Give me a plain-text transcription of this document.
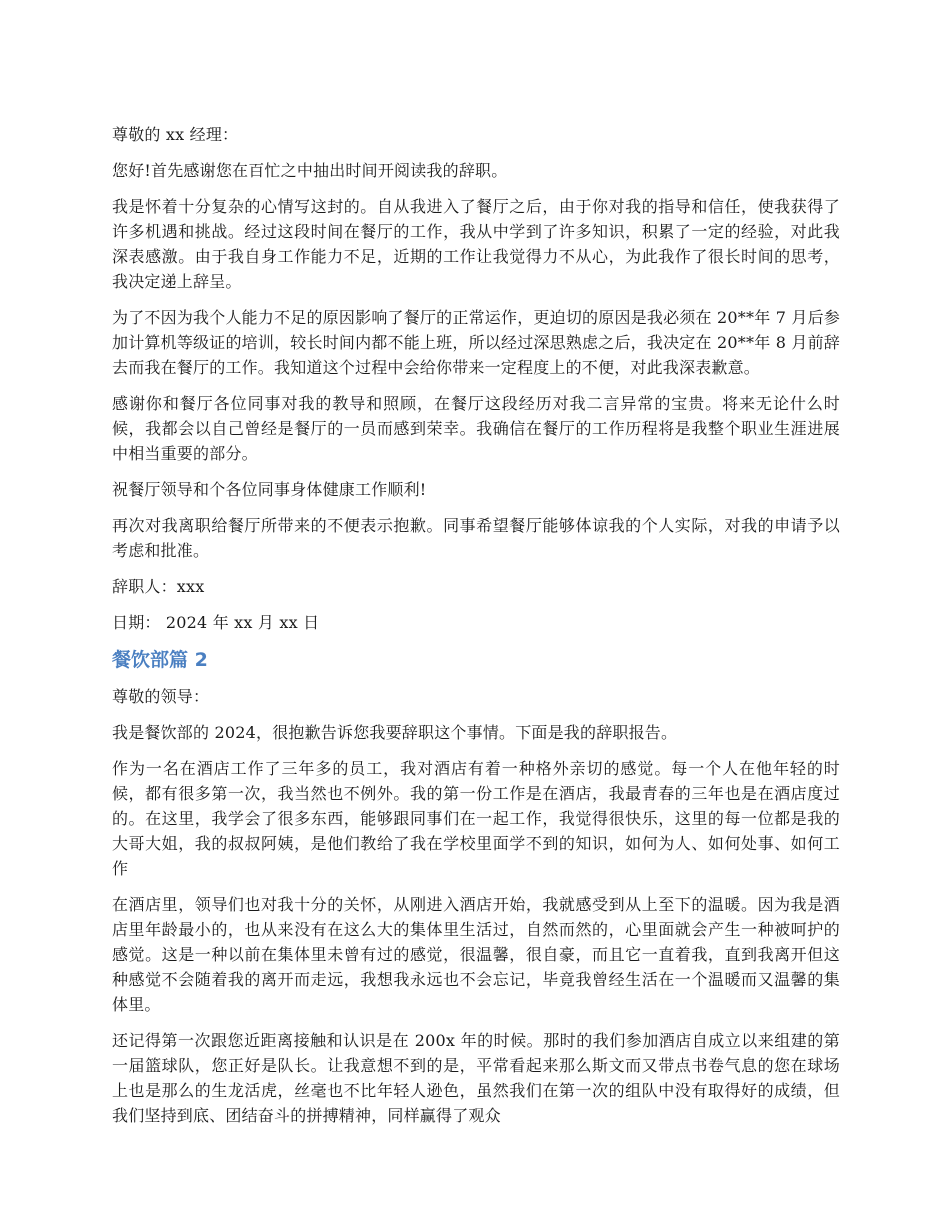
尊敬的 xx 经理：

您好!首先感谢您在百忙之中抽出时间开阅读我的辞职。

我是怀着十分复杂的心情写这封的。自从我进入了餐厅之后，由于你对我的指导和信任，使我获得了许多机遇和挑战。经过这段时间在餐厅的工作，我从中学到了许多知识，积累了一定的经验，对此我深表感激。由于我自身工作能力不足，近期的工作让我觉得力不从心，为此我作了很长时间的思考，我决定递上辞呈。

为了不因为我个人能力不足的原因影响了餐厅的正常运作，更迫切的原因是我必须在 20**年 7 月后参加计算机等级证的培训，较长时间内都不能上班，所以经过深思熟虑之后，我决定在 20**年 8 月前辞去而我在餐厅的工作。我知道这个过程中会给你带来一定程度上的不便，对此我深表歉意。

感谢你和餐厅各位同事对我的教导和照顾，在餐厅这段经历对我二言异常的宝贵。将来无论什么时候，我都会以自己曾经是餐厅的一员而感到荣幸。我确信在餐厅的工作历程将是我整个职业生涯进展中相当重要的部分。

祝餐厅领导和个各位同事身体健康工作顺利!

再次对我离职给餐厅所带来的不便表示抱歉。同事希望餐厅能够体谅我的个人实际，对我的申请予以考虑和批准。

辞职人：xxx

日期： 2024 年 xx 月 xx 日

餐饮部篇 2

尊敬的领导：

我是餐饮部的 2024，很抱歉告诉您我要辞职这个事情。下面是我的辞职报告。

作为一名在酒店工作了三年多的员工，我对酒店有着一种格外亲切的感觉。每一个人在他年轻的时候，都有很多第一次，我当然也不例外。我的第一份工作是在酒店，我最青春的三年也是在酒店度过的。在这里，我学会了很多东西，能够跟同事们在一起工作，我觉得很快乐，这里的每一位都是我的大哥大姐，我的叔叔阿姨，是他们教给了我在学校里面学不到的知识，如何为人、如何处事、如何工作

在酒店里，领导们也对我十分的关怀，从刚进入酒店开始，我就感受到从上至下的温暖。因为我是酒店里年龄最小的，也从来没有在这么大的集体里生活过，自然而然的，心里面就会产生一种被呵护的感觉。这是一种以前在集体里未曾有过的感觉，很温馨，很自豪，而且它一直着我，直到我离开但这种感觉不会随着我的离开而走远，我想我永远也不会忘记，毕竟我曾经生活在一个温暖而又温馨的集体里。

还记得第一次跟您近距离接触和认识是在 200x 年的时候。那时的我们参加酒店自成立以来组建的第一届篮球队，您正好是队长。让我意想不到的是，平常看起来那么斯文而又带点书卷气息的您在球场上也是那么的生龙活虎，丝毫也不比年轻人逊色，虽然我们在第一次的组队中没有取得好的成绩，但我们坚持到底、团结奋斗的拼搏精神，同样赢得了观众
